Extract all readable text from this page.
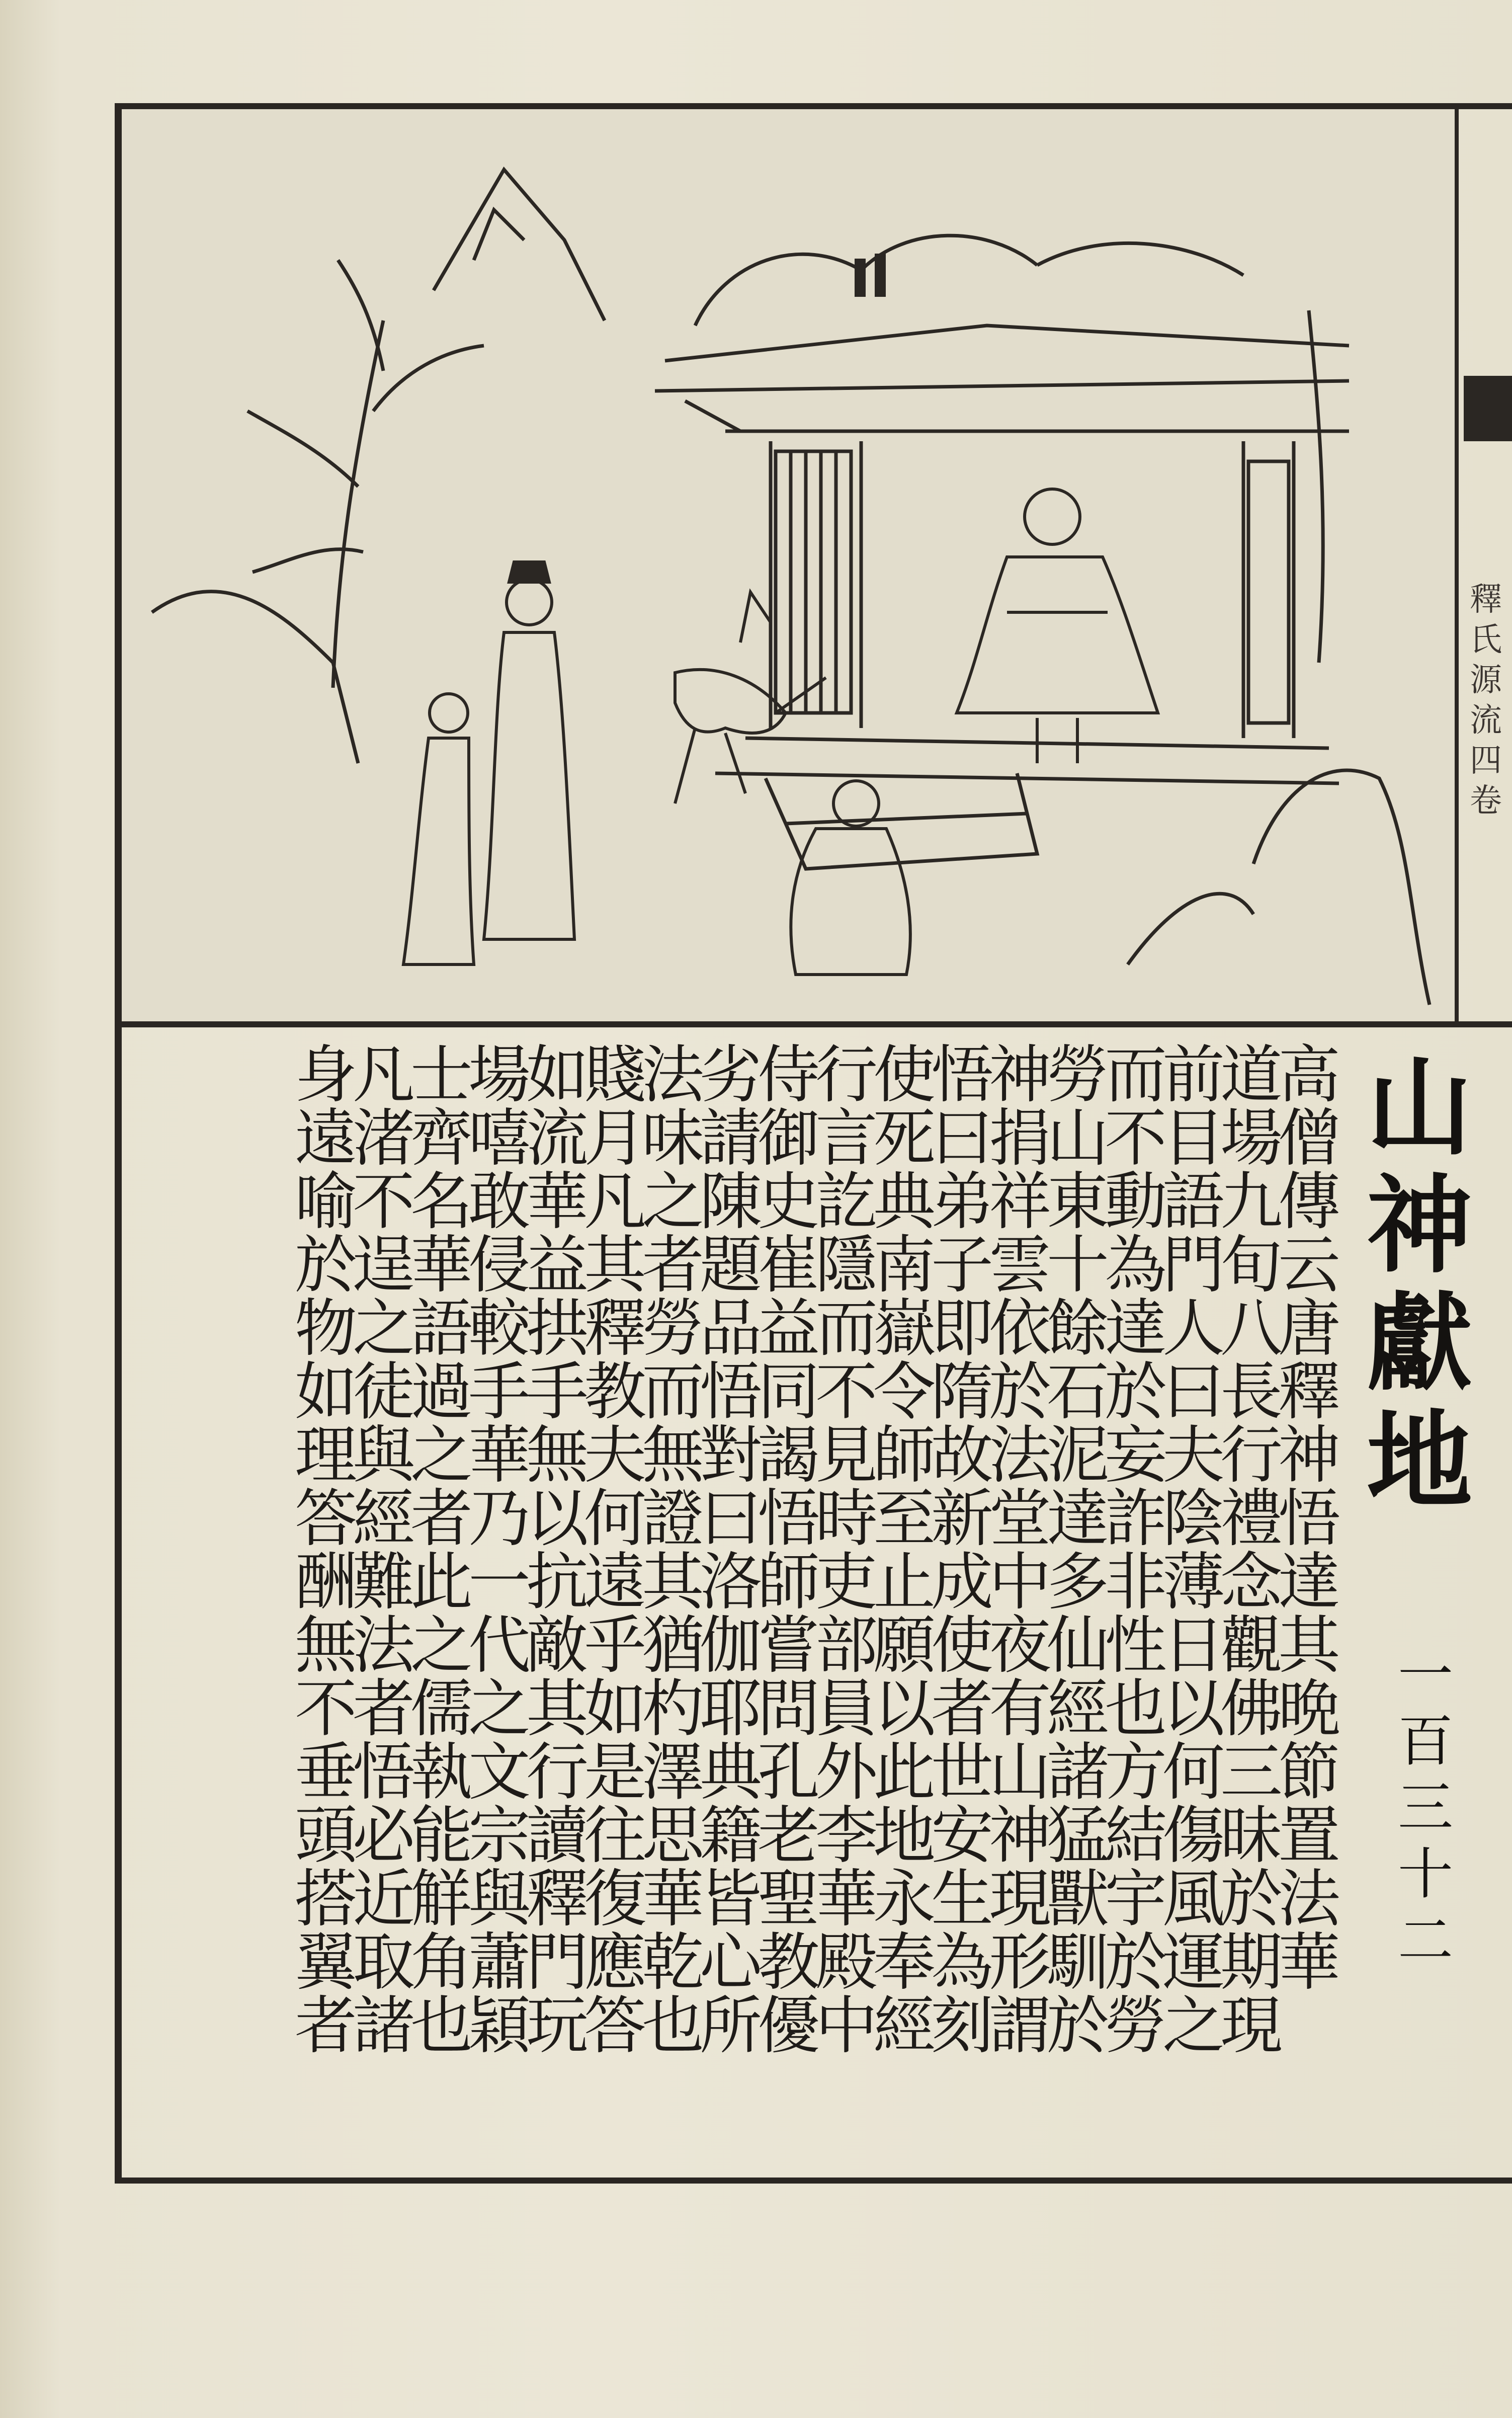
釋
氏
源
流
四
卷
山神獻地
一百三十二
高僧傳云唐釋神悟達其晩節置法華
道場九旬八長行禮念觀佛三昧於期現
前目語門人曰夫陰薄日以何傷風運之
而不動為達於妄詐非性也方結宇於勞
勞山東十餘石泥達多仙經諸猛獸馴於
神捐祥雲依於法堂中夜有山神現形謂
悟曰弟子即隋故新成使者世安生為刻
使死典南嶽令師至止願以此地永奉經
行言訖隱而不見時吏部員外李華殿中
侍御史崔益同謁悟師嘗問孔老聖教優
劣請陳題品悟對曰洛伽耶典籍皆心所
法味之者勞而無證其猶杓澤思華乾也
賤月凡其釋教夫何遠乎如是往復應答
如流華益拱手無以抗敵其行讀釋門玩
場嘻敢侵較手華乃一代之文宗與蕭穎
士齊名華語過之者此之儒執能觧角也
凡渚不逞之徒與經難法者悟必近取諸
身遠喻於物如理答酬無不垂頭搭翼者
